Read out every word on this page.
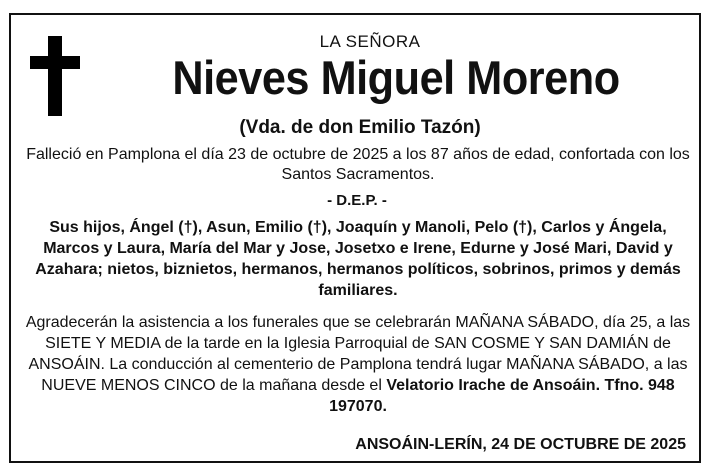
LA SEÑORA
Nieves Miguel Moreno
(Vda. de don Emilio Tazón)
Falleció en Pamplona el día 23 de octubre de 2025 a los 87 años de edad, confortada con los Santos Sacramentos.
- D.E.P. -
Sus hijos, Ángel (†), Asun, Emilio (†), Joaquín y Manoli, Pelo (†), Carlos y Ángela, Marcos y Laura, María del Mar y Jose, Josetxo e Irene, Edurne y José Mari, David y Azahara; nietos, biznietos, hermanos, hermanos políticos, sobrinos, primos y demás familiares.
Agradecerán la asistencia a los funerales que se celebrarán MAÑANA SÁBADO, día 25, a las SIETE Y MEDIA de la tarde en la Iglesia Parroquial de SAN COSME Y SAN DAMIÁN de ANSOÁIN. La conducción al cementerio de Pamplona tendrá lugar MAÑANA SÁBADO, a las NUEVE MENOS CINCO de la mañana desde el Velatorio Irache de Ansoáin. Tfno. 948 197070.
ANSOÁIN-LERÍN, 24 DE OCTUBRE DE 2025
